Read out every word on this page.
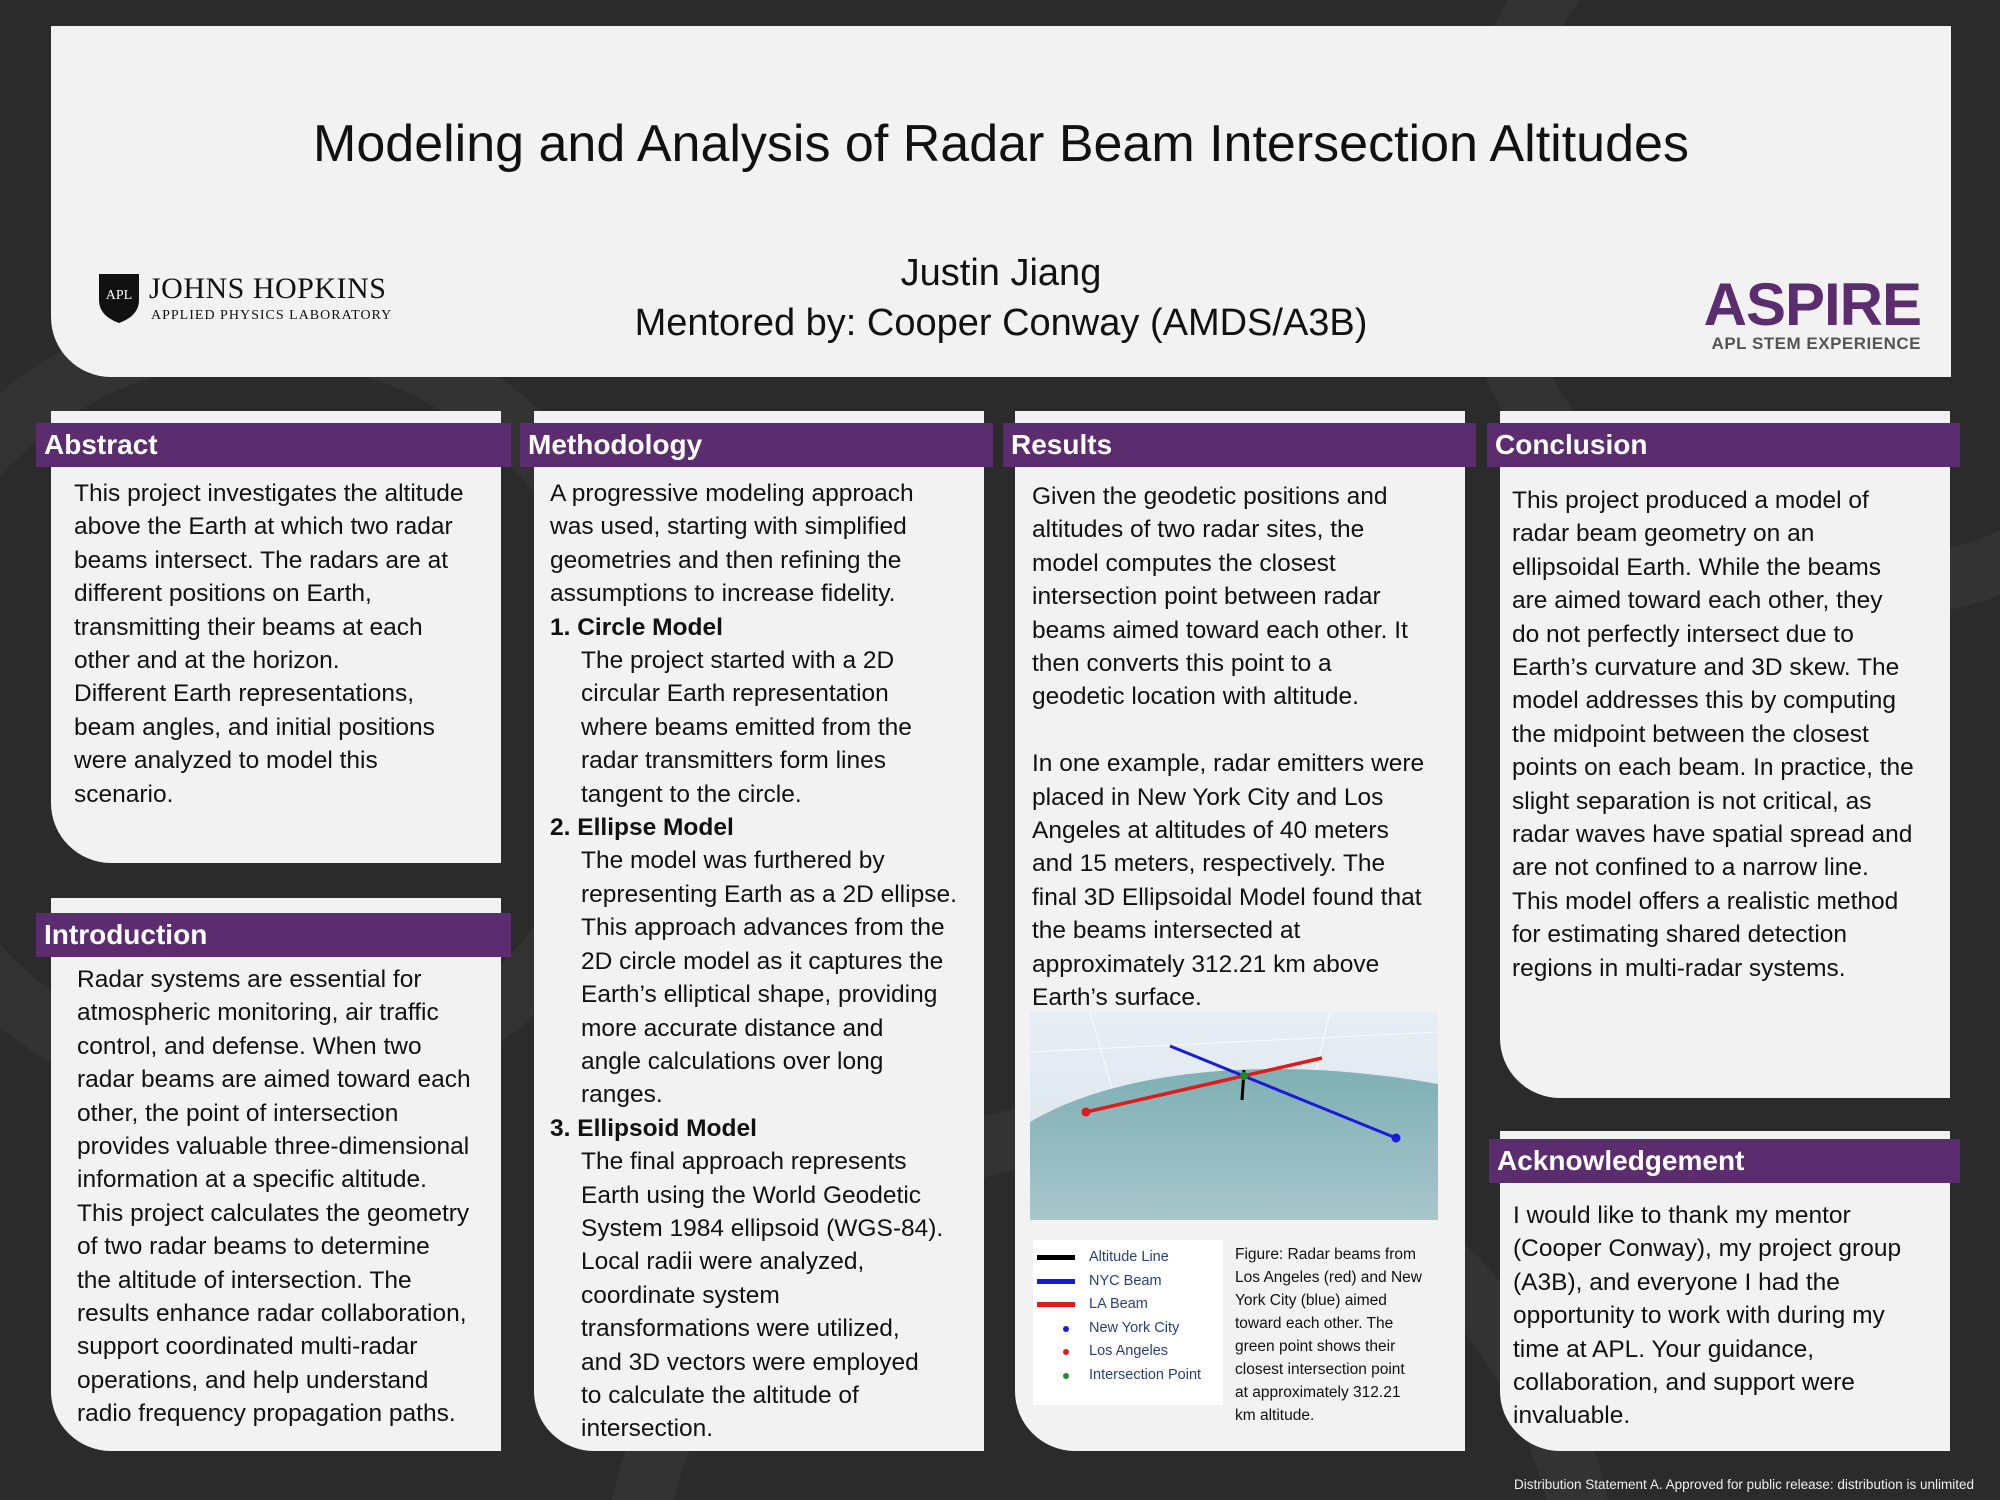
Modeling and Analysis of Radar Beam Intersection Altitudes
Justin Jiang
Mentored by: Cooper Conway (AMDS/A3B)
APL JOHNS HOPKINS
APPLIED PHYSICS LABORATORY	ASPIRE
APL STEM EXPERIENCE
Abstract

This project investigates the altitude

above the Earth at which two radar

beams intersect. The radars are at

different positions on Earth,

transmitting their beams at each

other and at the horizon.

Different Earth representations,

beam angles, and initial positions

were analyzed to model this

scenario.

Introduction

Radar systems are essential for

atmospheric monitoring, air traffic

control, and defense. When two

radar beams are aimed toward each

other, the point of intersection

provides valuable three-dimensional

information at a specific altitude.

This project calculates the geometry

of two radar beams to determine

the altitude of intersection. The

results enhance radar collaboration,

support coordinated multi-radar

operations, and help understand

radio frequency propagation paths.

Methodology

A progressive modeling approach

was used, starting with simplified

geometries and then refining the

assumptions to increase fidelity.

1. Circle Model

The project started with a 2D

circular Earth representation

where beams emitted from the

radar transmitters form lines

tangent to the circle.

2. Ellipse Model

The model was furthered by

representing Earth as a 2D ellipse.

This approach advances from the

2D circle model as it captures the

Earth’s elliptical shape, providing

more accurate distance and

angle calculations over long

ranges.

3. Ellipsoid Model

The final approach represents

Earth using the World Geodetic

System 1984 ellipsoid (WGS-84).

Local radii were analyzed,

coordinate system

transformations were utilized,

and 3D vectors were employed

to calculate the altitude of

intersection.

Results

Given the geodetic positions and

altitudes of two radar sites, the

model computes the closest

intersection point between radar

beams aimed toward each other. It

then converts this point to a

geodetic location with altitude.

In one example, radar emitters were

placed in New York City and Los

Angeles at altitudes of 40 meters

and 15 meters, respectively. The

final 3D Ellipsoidal Model found that

the beams intersected at

approximately 312.21 km above

Earth’s surface.

Altitude Line
NYC Beam
LA Beam
New York City
Los Angeles
Intersection Point
Figure: Radar beams from
Los Angeles (red) and New
York City (blue) aimed
toward each other. The
green point shows their
closest intersection point
at approximately 312.21
km altitude.
Conclusion

This project produced a model of

radar beam geometry on an

ellipsoidal Earth. While the beams

are aimed toward each other, they

do not perfectly intersect due to

Earth’s curvature and 3D skew. The

model addresses this by computing

the midpoint between the closest

points on each beam. In practice, the

slight separation is not critical, as

radar waves have spatial spread and

are not confined to a narrow line.

This model offers a realistic method

for estimating shared detection

regions in multi-radar systems.

Acknowledgement

I would like to thank my mentor

(Cooper Conway), my project group

(A3B), and everyone I had the

opportunity to work with during my

time at APL. Your guidance,

collaboration, and support were

invaluable.

Distribution Statement A. Approved for public release: distribution is unlimited
